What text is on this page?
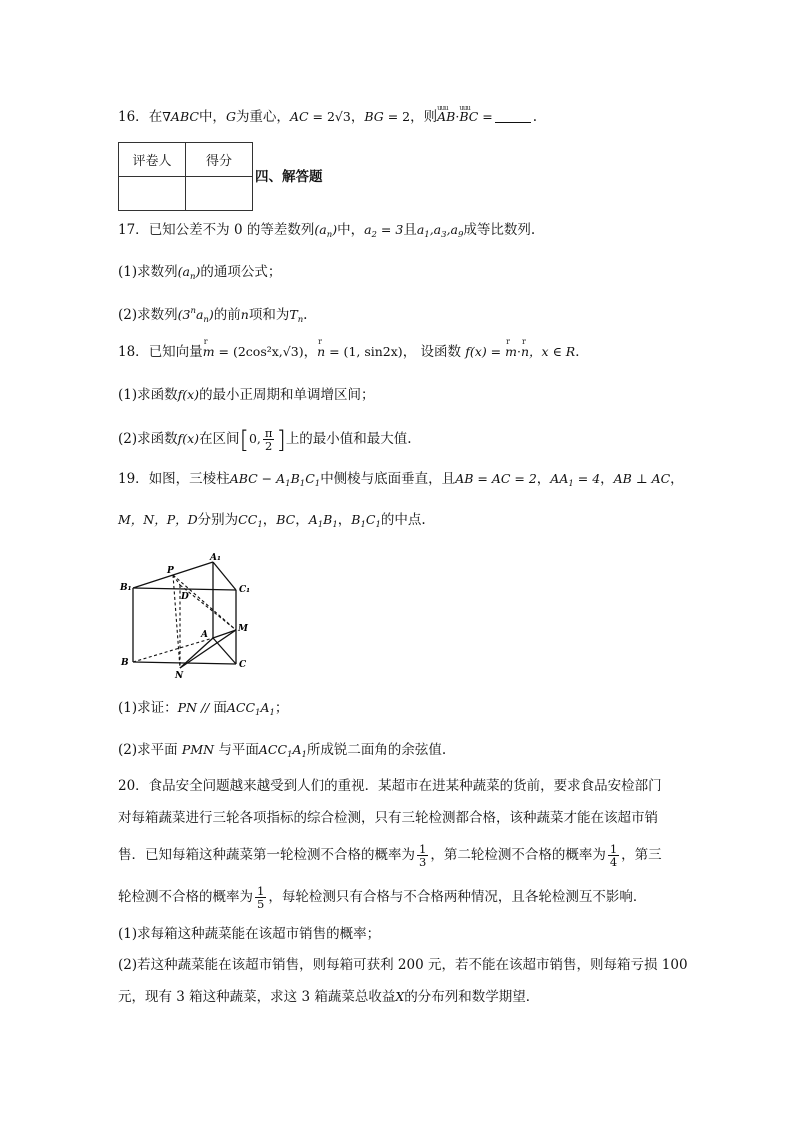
16．在∇ABC中，G为重心，AC = 2√3，BG = 2，则uuu AB·uuu BC =	.
评卷人	得分

四、解答题
17．已知公差不为 0 的等差数列$(a_n)$中，$a_2 = 3$且$a_1,a_3,a_9$成等比数列.
(1)求数列$(a_n)$的通项公式；
(2)求数列$(3^na_n)$的前n项和为$T_n$.
18．已知向量r m = (2cos²x,√3)，r n = (1, sin2x)， 设函数 f(x) = r m·r n，x ∈ R．
(1)求函数f(x)的最小正周期和单调增区间；
(2)求函数f(x)在区间[0, $\frac{\pi}{2}$ ]上的最小值和最大值.
19．如图，三棱柱ABC − $A_1B_1C_1$中侧棱与底面垂直，且AB = AC = 2，$AA_1 = 4$，AB ⊥ AC，
M，N，P，D分别为$CC_1$，BC，$A_1B_1$，$B_1C_1$的中点.
A₁
B₁	C₁
P
D
A
M
B	C
N
(1)求证：PN // 面$ACC_1A_1$；
(2)求平面 PMN 与平面$ACC_1A_1$所成锐二面角的余弦值.
20．食品安全问题越来越受到人们的重视．某超市在进某种蔬菜的货前，要求食品安检部门
对每箱蔬菜进行三轮各项指标的综合检测，只有三轮检测都合格，该种蔬菜才能在该超市销
售．已知每箱这种蔬菜第一轮检测不合格的概率为 $\frac{1}{3}$ ，第二轮检测不合格的概率为 $\frac{1}{4}$ ，第三
轮检测不合格的概率为 $\frac{1}{5}$ ，每轮检测只有合格与不合格两种情况，且各轮检测互不影响．
(1)求每箱这种蔬菜能在该超市销售的概率；
(2)若这种蔬菜能在该超市销售，则每箱可获利 200 元，若不能在该超市销售，则每箱亏损 100
元，现有 3 箱这种蔬菜，求这 3 箱蔬菜总收益X的分布列和数学期望．
